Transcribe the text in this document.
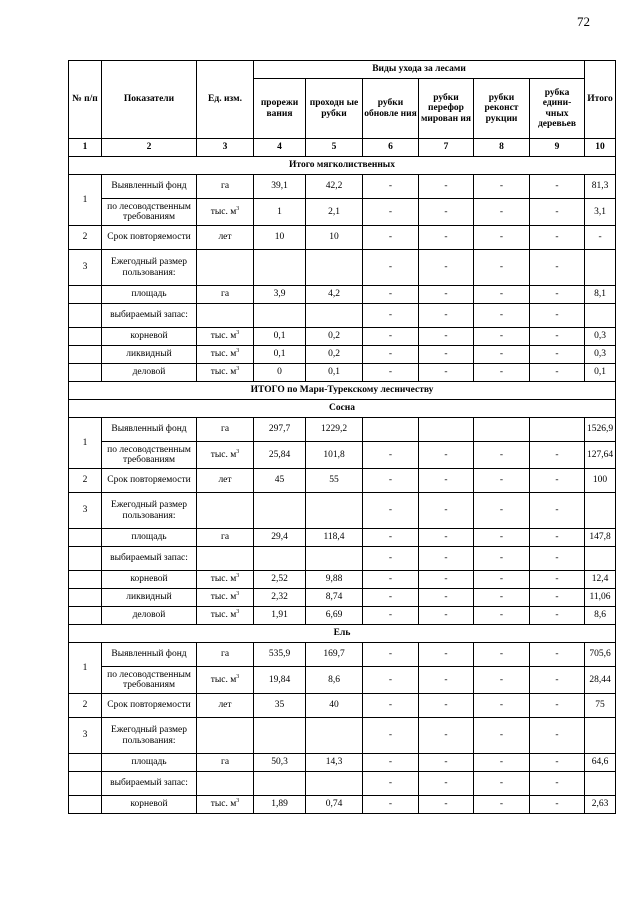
72
№ п/п	Показатели	Ед. изм.	Виды ухода за лесами						Итого
			прорежи вания	проходн ые рубки	рубки обновле ния	рубки перефор мирован ия	рубки реконст рукции	рубка едини- чных деревьев	
1	2	3	4	5	6	7	8	9	10
Итого мягколиственных									
1	Выявленный фонд	га	39,1	42,2	-	-	-	-	81,3
	по лесоводственным требованиям	тыс. $м^3$	1	2,1	-	-	-	-	3,1
2	Срок повторяемости	лет	10	10	-	-	-	-	-
3	Ежегодный размер пользования:				-	-	-	-	
	площадь	га	3,9	4,2	-	-	-	-	8,1
	выбираемый запас:				-	-	-	-	
	корневой	тыс. $м^3$	0,1	0,2	-	-	-	-	0,3
	ликвидный	тыс. $м^3$	0,1	0,2	-	-	-	-	0,3
	деловой	тыс. $м^3$	0	0,1	-	-	-	-	0,1
ИТОГО по Мари-Турекскому лесничеству									
Сосна									
1	Выявленный фонд	га	297,7	1229,2					1526,9
	по лесоводственным требованиям	тыс. $м^3$	25,84	101,8	-	-	-	-	127,64
2	Срок повторяемости	лет	45	55	-	-	-	-	100
3	Ежегодный размер пользования:				-	-	-	-	
	площадь	га	29,4	118,4	-	-	-	-	147,8
	выбираемый запас:				-	-	-	-	
	корневой	тыс. $м^3$	2,52	9,88	-	-	-	-	12,4
	ликвидный	тыс. $м^3$	2,32	8,74	-	-	-	-	11,06
	деловой	тыс. $м^3$	1,91	6,69	-	-	-	-	8,6
Ель									
1	Выявленный фонд	га	535,9	169,7	-	-	-	-	705,6
	по лесоводственным требованиям	тыс. $м^3$	19,84	8,6	-	-	-	-	28,44
2	Срок повторяемости	лет	35	40	-	-	-	-	75
3	Ежегодный размер пользования:				-	-	-	-	
	площадь	га	50,3	14,3	-	-	-	-	64,6
	выбираемый запас:				-	-	-	-	
	корневой	тыс. $м^3$	1,89	0,74	-	-	-	-	2,63
